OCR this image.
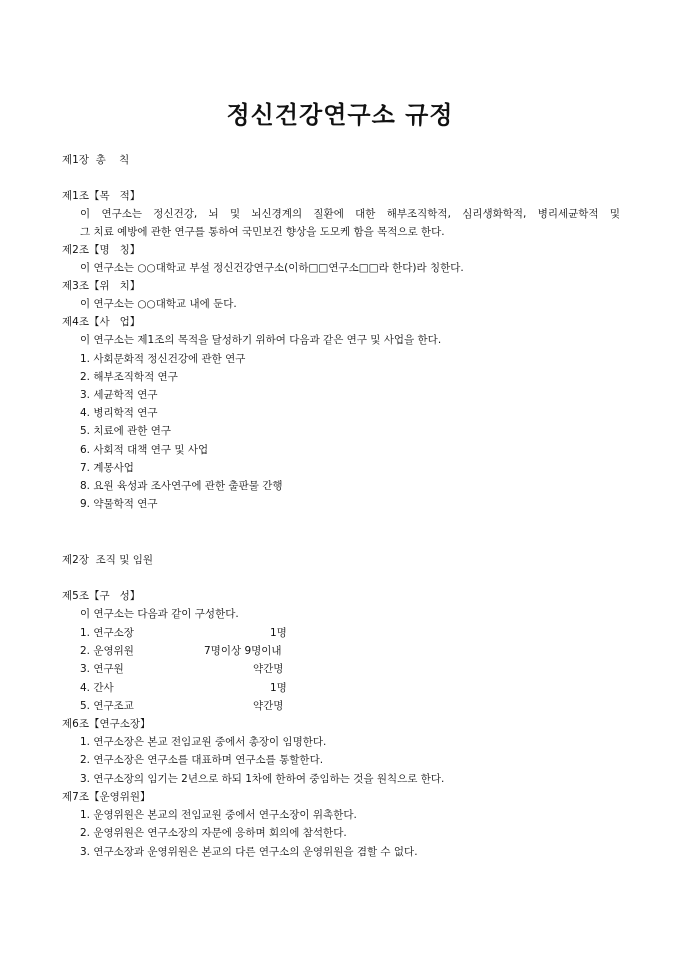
정신건강연구소 규정
제1장  총    칙
제1조【목   적】
이 연구소는 정신건강, 뇌 및 뇌신경계의 질환에 대한 해부조직학적, 심리생화학적, 병리세균학적 및
그 치료 예방에 관한 연구를 통하여 국민보건 향상을 도모케 함을 목적으로 한다.
제2조【명   칭】
이 연구소는 ○○대학교 부설 정신건강연구소(이하□□연구소□□라 한다)라 칭한다.
제3조【위   치】
이 연구소는 ○○대학교 내에 둔다.
제4조【사   업】
이 연구소는 제1조의 목적을 달성하기 위하여 다음과 같은 연구 및 사업을 한다.
1. 사회문화적 정신건강에 관한 연구
2. 해부조직학적 연구
3. 세균학적 연구
4. 병리학적 연구
5. 치료에 관한 연구
6. 사회적 대책 연구 및 사업
7. 계몽사업
8. 요원 육성과 조사연구에 관한 출판물 간행
9. 약물학적 연구
제2장  조직 및 임원
제5조【구   성】
이 연구소는 다음과 같이 구성한다.
1. 연구소장	1명
2. 운영위원	7명이상 9명이내
3. 연구원	약간명
4. 간사	1명
5. 연구조교	약간명
제6조【연구소장】
1. 연구소장은 본교 전임교원 중에서 총장이 임명한다.
2. 연구소장은 연구소를 대표하며 연구소를 통할한다.
3. 연구소장의 임기는 2년으로 하되 1차에 한하여 중임하는 것을 원칙으로 한다.
제7조【운영위원】
1. 운영위원은 본교의 전임교원 중에서 연구소장이 위촉한다.
2. 운영위원은 연구소장의 자문에 응하며 회의에 참석한다.
3. 연구소장과 운영위원은 본교의 다른 연구소의 운영위원을 겸할 수 없다.
